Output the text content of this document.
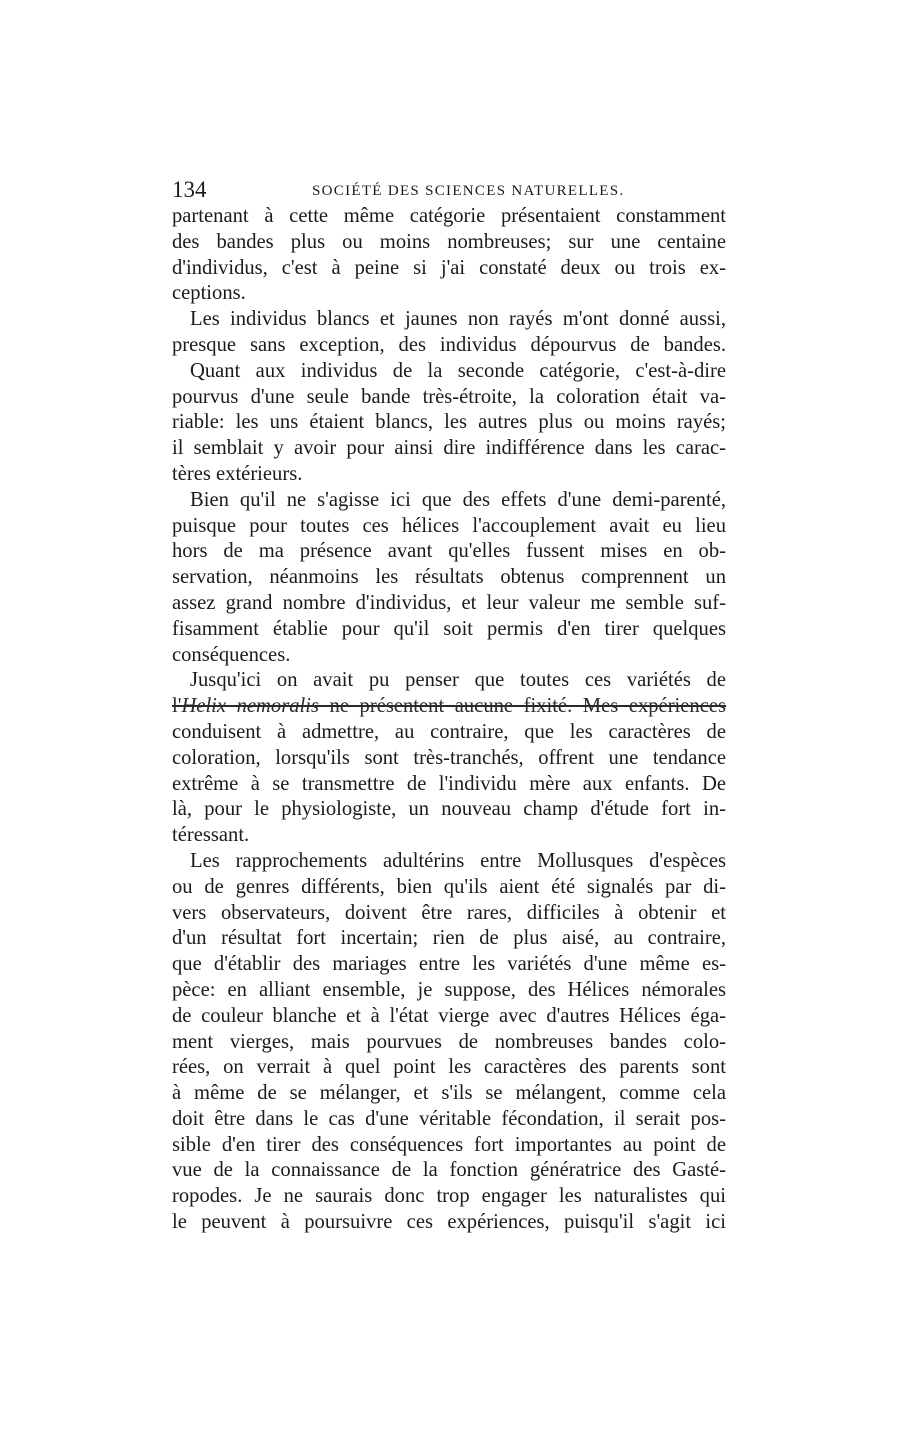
134	SOCIÉTÉ DES SCIENCES NATURELLES.
partenant à cette même catégorie présentaient constamment
des bandes plus ou moins nombreuses; sur une centaine
d'individus, c'est à peine si j'ai constaté deux ou trois ex-
ceptions.
Les individus blancs et jaunes non rayés m'ont donné aussi,
presque sans exception, des individus dépourvus de bandes.
Quant aux individus de la seconde catégorie, c'est-à-dire
pourvus d'une seule bande très-étroite, la coloration était va-
riable: les uns étaient blancs, les autres plus ou moins rayés;
il semblait y avoir pour ainsi dire indifférence dans les carac-
tères extérieurs.
Bien qu'il ne s'agisse ici que des effets d'une demi-parenté,
puisque pour toutes ces hélices l'accouplement avait eu lieu
hors de ma présence avant qu'elles fussent mises en ob-
servation, néanmoins les résultats obtenus comprennent un
assez grand nombre d'individus, et leur valeur me semble suf-
fisamment établie pour qu'il soit permis d'en tirer quelques
conséquences.
Jusqu'ici on avait pu penser que toutes ces variétés de
l'Helix nemoralis ne présentent aucune fixité. Mes expériences
conduisent à admettre, au contraire, que les caractères de
coloration, lorsqu'ils sont très-tranchés, offrent une tendance
extrême à se transmettre de l'individu mère aux enfants. De
là, pour le physiologiste, un nouveau champ d'étude fort in-
téressant.
Les rapprochements adultérins entre Mollusques d'espèces
ou de genres différents, bien qu'ils aient été signalés par di-
vers observateurs, doivent être rares, difficiles à obtenir et
d'un résultat fort incertain; rien de plus aisé, au contraire,
que d'établir des mariages entre les variétés d'une même es-
pèce: en alliant ensemble, je suppose, des Hélices némorales
de couleur blanche et à l'état vierge avec d'autres Hélices éga-
ment vierges, mais pourvues de nombreuses bandes colo-
rées, on verrait à quel point les caractères des parents sont
à même de se mélanger, et s'ils se mélangent, comme cela
doit être dans le cas d'une véritable fécondation, il serait pos-
sible d'en tirer des conséquences fort importantes au point de
vue de la connaissance de la fonction génératrice des Gasté-
ropodes. Je ne saurais donc trop engager les naturalistes qui
le peuvent à poursuivre ces expériences, puisqu'il s'agit ici
